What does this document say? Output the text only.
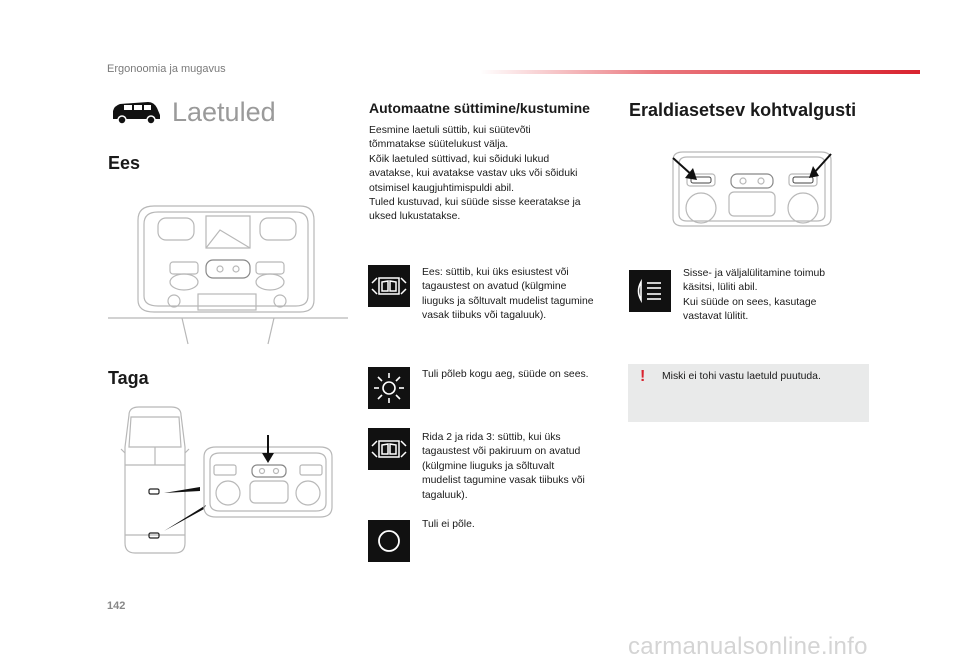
Ergonoomia ja mugavus
Laetuled
Ees
Taga
Automaatne süttimine/kustumine
Eesmine laetuli süttib, kui süütevõti
tõmmatakse süütelukust välja.
Kõik laetuled süttivad, kui sõiduki lukud
avatakse, kui avatakse vastav uks või sõiduki
otsimisel kaugjuhtimispuldi abil.
Tuled kustuvad, kui süüde sisse keeratakse ja
uksed lukustatakse.
Ees: süttib, kui üks esiustest või
tagaustest on avatud (külgmine
liuguks ja sõltuvalt mudelist tagumine
vasak tiibuks või tagaluuk).
Tuli põleb kogu aeg, süüde on sees.
Rida 2 ja rida 3: süttib, kui üks
tagaustest või pakiruum on avatud
(külgmine liuguks ja sõltuvalt
mudelist tagumine vasak tiibuks või
tagaluuk).
Tuli ei põle.
Eraldiasetsev kohtvalgusti
Sisse- ja väljalülitamine toimub
käsitsi, lüliti abil.
Kui süüde on sees, kasutage
vastavat lülitit.
! Miski ei tohi vastu laetuld puutuda.
142
carmanualsonline.info
